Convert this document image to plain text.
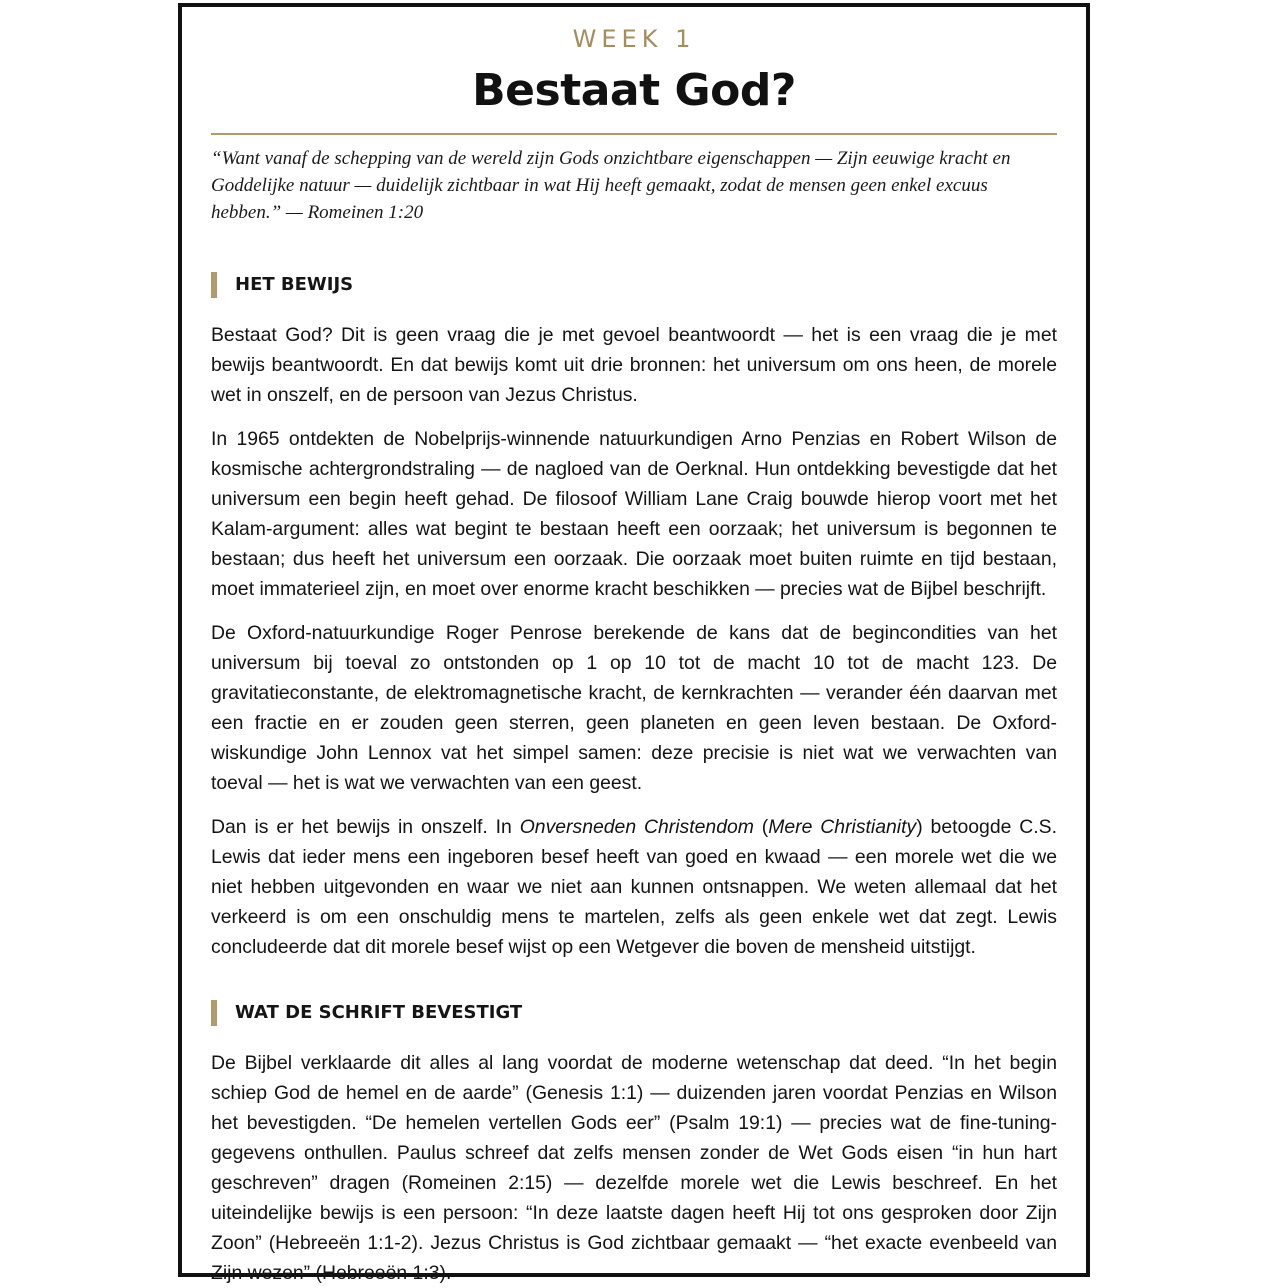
WEEK 1
Bestaat God?
“Want vanaf de schepping van de wereld zijn Gods onzichtbare eigenschappen — Zijn eeuwige kracht en Goddelijke natuur — duidelijk zichtbaar in wat Hij heeft gemaakt, zodat de mensen geen enkel excuus hebben.” — Romeinen 1:20
HET BEWIJS

Bestaat God? Dit is geen vraag die je met gevoel beantwoordt — het is een vraag die je met bewijs beantwoordt. En dat bewijs komt uit drie bronnen: het universum om ons heen, de morele wet in onszelf, en de persoon van Jezus Christus.

In 1965 ontdekten de Nobelprijs-winnende natuurkundigen Arno Penzias en Robert Wilson de kosmische achtergrondstraling — de nagloed van de Oerknal. Hun ontdekking bevestigde dat het universum een begin heeft gehad. De filosoof William Lane Craig bouwde hierop voort met het Kalam-argument: alles wat begint te bestaan heeft een oorzaak; het universum is begonnen te bestaan; dus heeft het universum een oorzaak. Die oorzaak moet buiten ruimte en tijd bestaan, moet immaterieel zijn, en moet over enorme kracht beschikken — precies wat de Bijbel beschrijft.

De Oxford-natuurkundige Roger Penrose berekende de kans dat de begincondities van het universum bij toeval zo ontstonden op 1 op 10 tot de macht 10 tot de macht 123. De gravitatieconstante, de elektromagnetische kracht, de kernkrachten — verander één daarvan met een fractie en er zouden geen sterren, geen planeten en geen leven bestaan. De Oxford-wiskundige John Lennox vat het simpel samen: deze precisie is niet wat we verwachten van toeval — het is wat we verwachten van een geest.

Dan is er het bewijs in onszelf. In Onversneden Christendom (Mere Christianity) betoogde C.S. Lewis dat ieder mens een ingeboren besef heeft van goed en kwaad — een morele wet die we niet hebben uitgevonden en waar we niet aan kunnen ontsnappen. We weten allemaal dat het verkeerd is om een onschuldig mens te martelen, zelfs als geen enkele wet dat zegt. Lewis concludeerde dat dit morele besef wijst op een Wetgever die boven de mensheid uitstijgt.

WAT DE SCHRIFT BEVESTIGT

De Bijbel verklaarde dit alles al lang voordat de moderne wetenschap dat deed. “In het begin schiep God de hemel en de aarde” (Genesis 1:1) — duizenden jaren voordat Penzias en Wilson het bevestigden. “De hemelen vertellen Gods eer” (Psalm 19:1) — precies wat de fine-tuning-gegevens onthullen. Paulus schreef dat zelfs mensen zonder de Wet Gods eisen “in hun hart geschreven” dragen (Romeinen 2:15) — dezelfde morele wet die Lewis beschreef. En het uiteindelijke bewijs is een persoon: “In deze laatste dagen heeft Hij tot ons gesproken door Zijn Zoon” (Hebreeën 1:1-2). Jezus Christus is God zichtbaar gemaakt — “het exacte evenbeeld van Zijn wezen” (Hebreeën 1:3).
